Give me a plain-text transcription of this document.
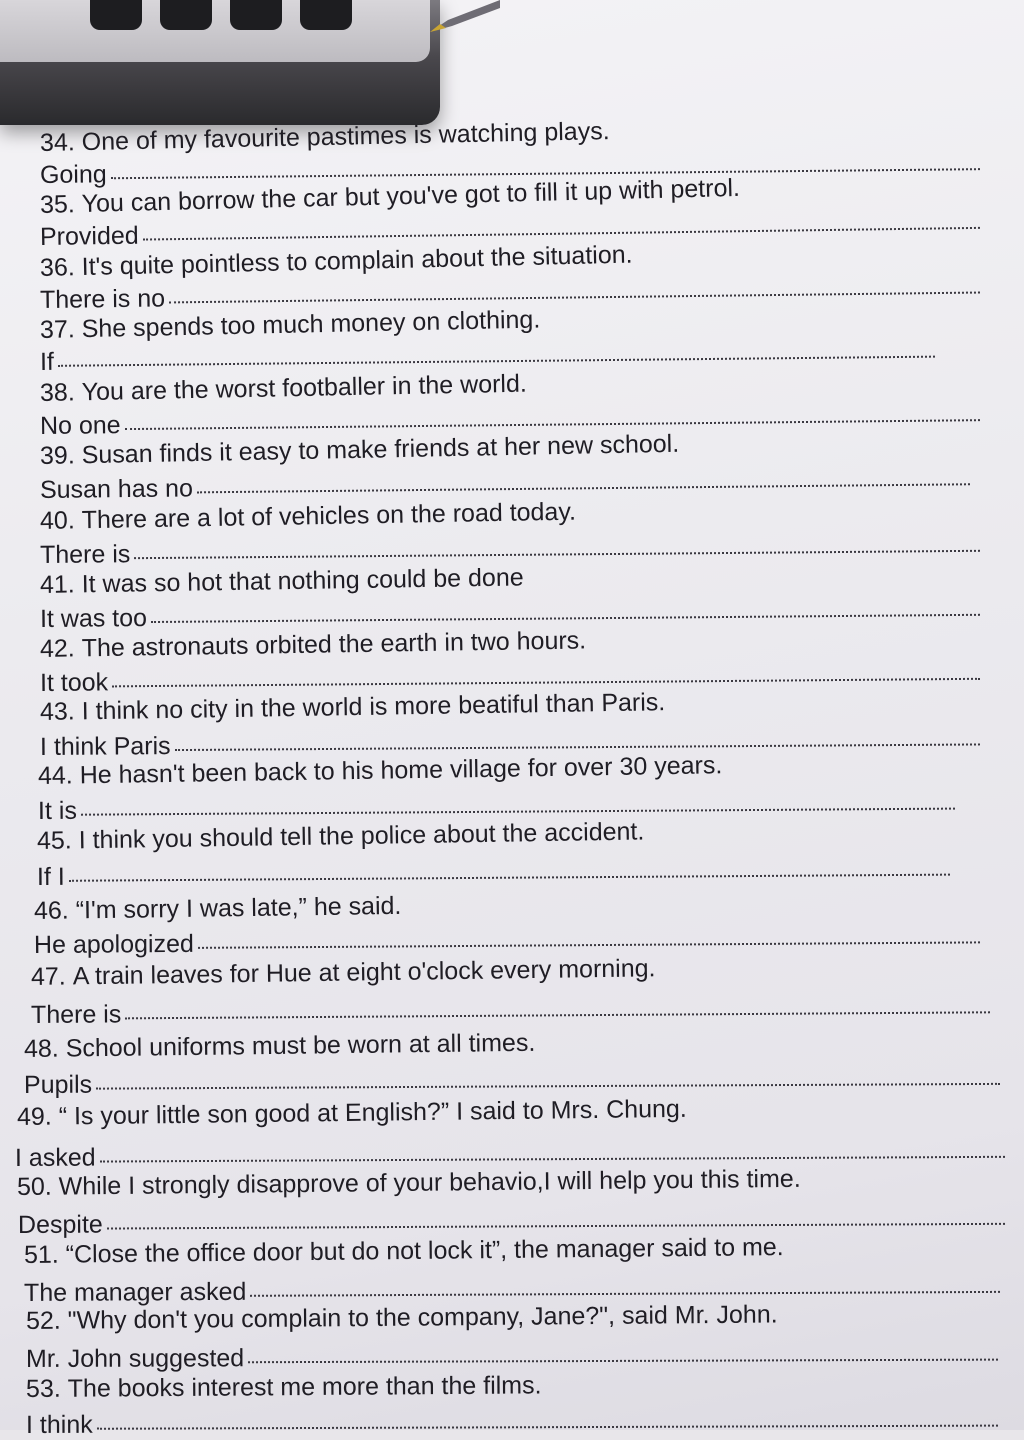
34. One of my favourite pastimes is watching plays.
Going
35. You can borrow the car but you've got to fill it up with petrol.
Provided
36. It's quite pointless to complain about the situation.
There is no
37. She spends too much money on clothing.
If
38. You are the worst footballer in the world.
No one
39. Susan finds it easy to make friends at her new school.
Susan has no
40. There are a lot of vehicles on the road today.
There is
41. It was so hot that nothing could be done
It was too
42. The astronauts orbited the earth in two hours.
It took
43. I think no city in the world is more beatiful than Paris.
I think Paris
44. He hasn't been back to his home village for over 30 years.
It is
45. I think you should tell the police about the accident.
If I
46. “I'm sorry I was late,” he said.
He apologized
47. A train leaves for Hue at eight o'clock every morning.
There is
48. School uniforms must be worn at all times.
Pupils
49. “ Is your little son good at English?” I said to Mrs. Chung.
I asked
50. While I strongly disapprove of your behavio,I will help you this time.
Despite
51. “Close the office door but do not lock it”, the manager said to me.
The manager asked
52. "Why don't you complain to the company, Jane?", said Mr. John.
Mr. John suggested
53. The books interest me more than the films.
I think
